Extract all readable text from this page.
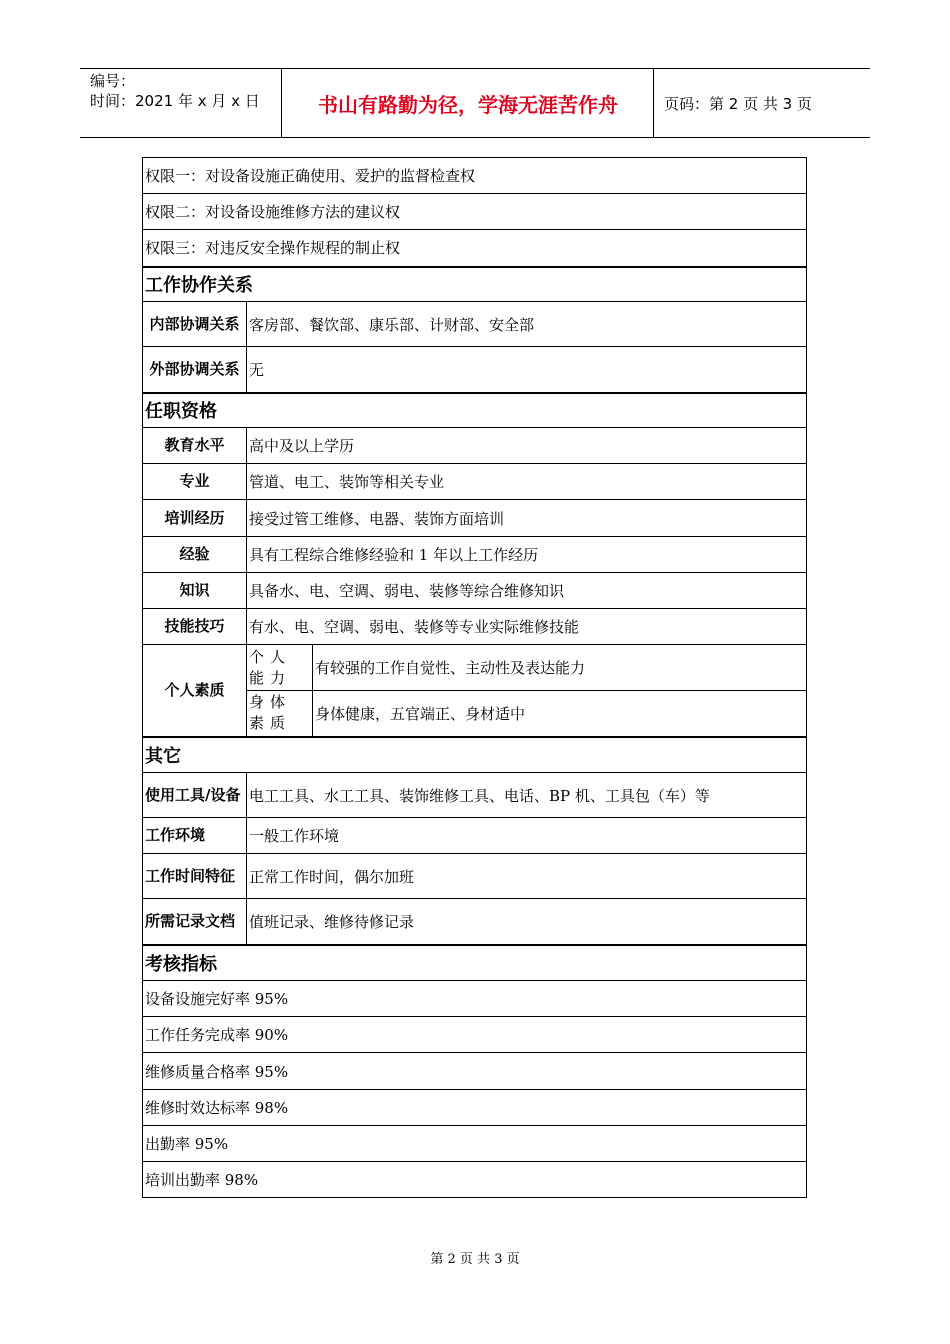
编号：
时间：2021 年 x 月 x 日	书山有路勤为径，学海无涯苦作舟	页码：第 2 页 共 3 页
权限一：对设备设施正确使用、爱护的监督检查权		
权限二：对设备设施维修方法的建议权		
权限三：对违反安全操作规程的制止权		
工作协作关系		
内部协调关系	客房部、餐饮部、康乐部、计财部、安全部	
外部协调关系	无	
任职资格		
教育水平	高中及以上学历	
专业	管道、电工、装饰等相关专业	
培训经历	接受过管工维修、电器、装饰方面培训	
经验	具有工程综合维修经验和 1 年以上工作经历	
知识	具备水、电、空调、弱电、装修等综合维修知识	
技能技巧	有水、电、空调、弱电、装修等专业实际维修技能	
个人素质	个人能力	有较强的工作自觉性、主动性及表达能力
	身体素质	身体健康，五官端正、身材适中
其它		
使用工具/设备	电工工具、水工工具、装饰维修工具、电话、BP 机、工具包（车）等	
工作环境	一般工作环境	
工作时间特征	正常工作时间，偶尔加班	
所需记录文档	值班记录、维修待修记录	
考核指标		
设备设施完好率 95%		
工作任务完成率 90%		
维修质量合格率 95%		
维修时效达标率 98%		
出勤率 95%		
培训出勤率 98%		
第 2 页 共 3 页
